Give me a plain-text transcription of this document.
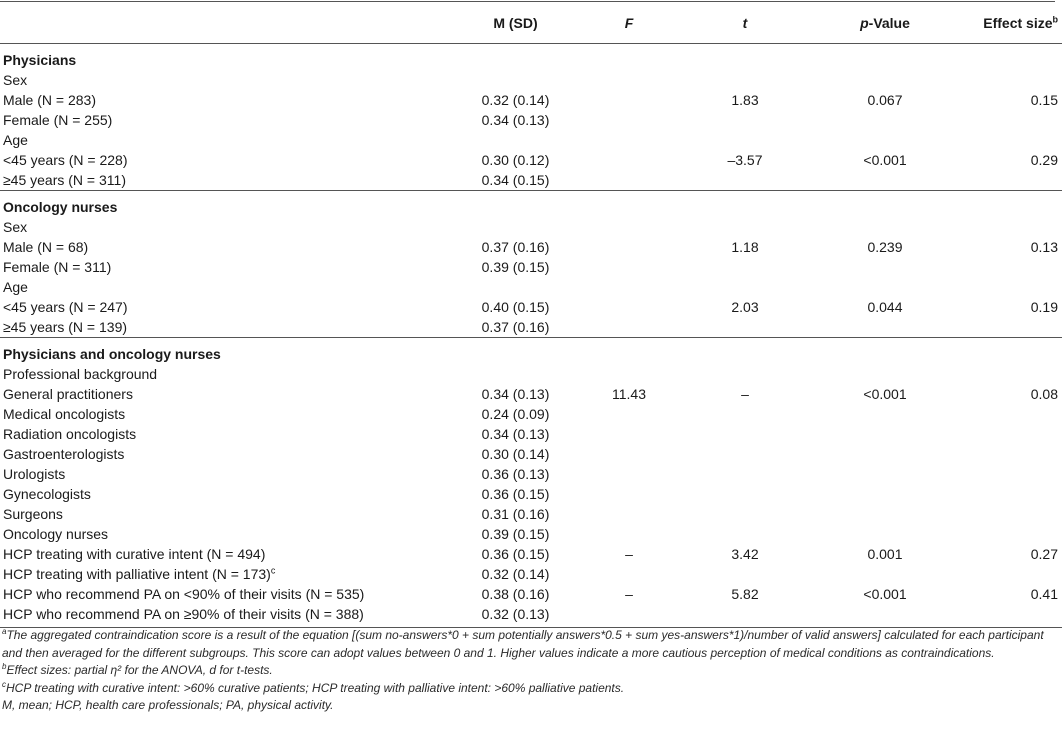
	M (SD)	F	t	p-Value	Effect size$^b$
Physicians					
Sex					
Male (N = 283)	0.32 (0.14)		1.83	0.067	0.15
Female (N = 255)	0.34 (0.13)				
Age					
<45 years (N = 228)	0.30 (0.12)		–3.57	<0.001	0.29
≥45 years (N = 311)	0.34 (0.15)				
Oncology nurses					
Sex					
Male (N = 68)	0.37 (0.16)		1.18	0.239	0.13
Female (N = 311)	0.39 (0.15)				
Age					
<45 years (N = 247)	0.40 (0.15)		2.03	0.044	0.19
≥45 years (N = 139)	0.37 (0.16)				
Physicians and oncology nurses					
Professional background					
General practitioners	0.34 (0.13)	11.43	–	<0.001	0.08
Medical oncologists	0.24 (0.09)				
Radiation oncologists	0.34 (0.13)				
Gastroenterologists	0.30 (0.14)				
Urologists	0.36 (0.13)				
Gynecologists	0.36 (0.15)				
Surgeons	0.31 (0.16)				
Oncology nurses	0.39 (0.15)				
HCP treating with curative intent (N = 494)	0.36 (0.15)	–	3.42	0.001	0.27
HCP treating with palliative intent (N = 173)$^c$	0.32 (0.14)				
HCP who recommend PA on <90% of their visits (N = 535)	0.38 (0.16)	–	5.82	<0.001	0.41
HCP who recommend PA on ≥90% of their visits (N = 388)	0.32 (0.13)				

$^a$The aggregated contraindication score is a result of the equation [(sum no-answers*0 + sum potentially answers*0.5 + sum yes-answers*1)/number of valid answers] calculated for each participant and then averaged for the different subgroups. This score can adopt values between 0 and 1. Higher values indicate a more cautious perception of medical conditions as contraindications.

$^b$Effect sizes: partial η² for the ANOVA, d for t-tests.

$^c$HCP treating with curative intent: >60% curative patients; HCP treating with palliative intent: >60% palliative patients.

M, mean; HCP, health care professionals; PA, physical activity.
